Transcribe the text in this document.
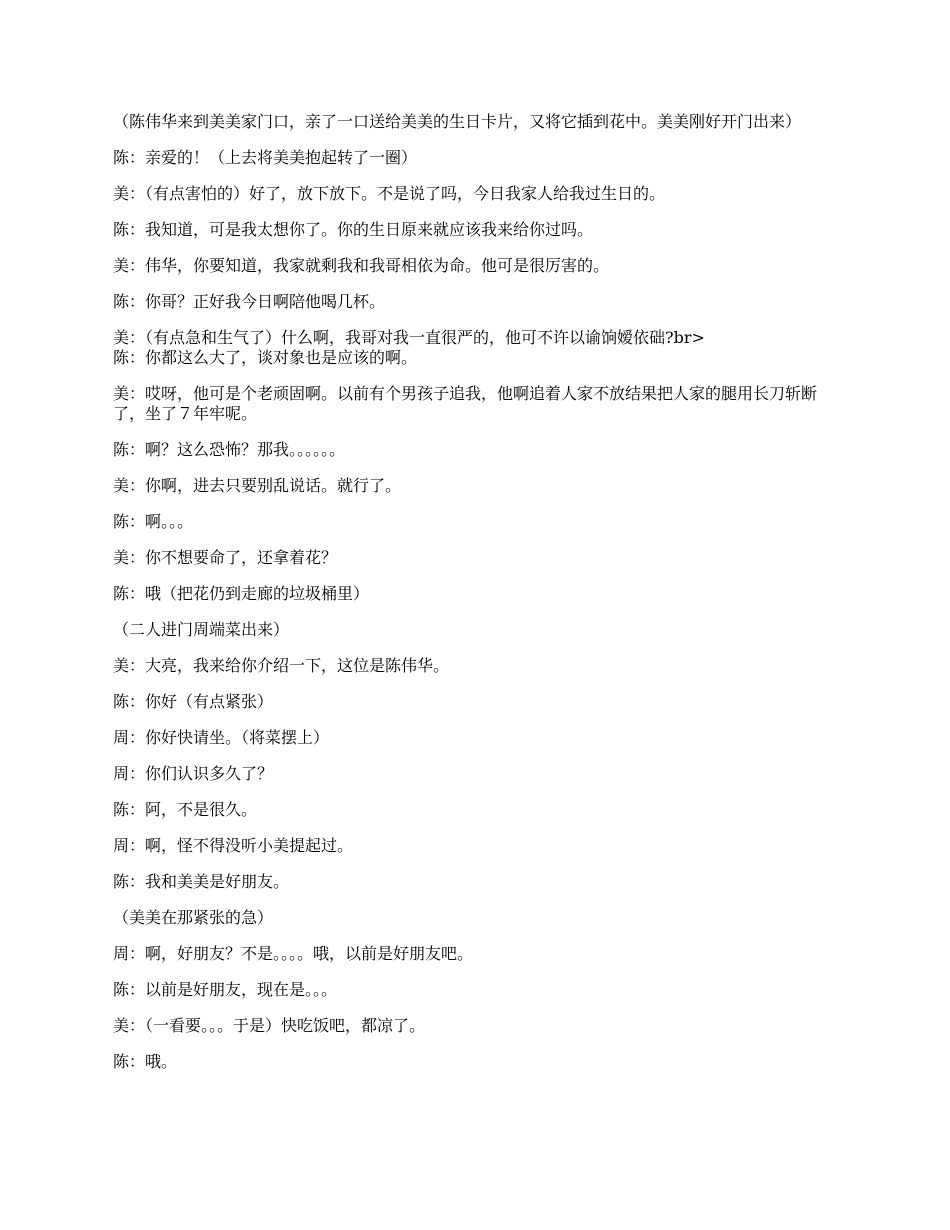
（陈伟华来到美美家门口，亲了一口送给美美的生日卡片，又将它插到花中。美美刚好开门出来）

陈：亲爱的！（上去将美美抱起转了一圈）

美：（有点害怕的）好了，放下放下。不是说了吗，今日我家人给我过生日的。

陈：我知道，可是我太想你了。你的生日原来就应该我来给你过吗。

美：伟华，你要知道，我家就剩我和我哥相依为命。他可是很厉害的。

陈：你哥？正好我今日啊陪他喝几杯。

美：（有点急和生气了）什么啊，我哥对我一直很严的，他可不许以谕饷嫒依础?br>

陈：你都这么大了，谈对象也是应该的啊。

美：哎呀，他可是个老顽固啊。以前有个男孩子追我，他啊追着人家不放结果把人家的腿用长刀斩断了，坐了７年牢呢。

陈：啊？这么恐怖？那我。。。。。。

美：你啊，进去只要别乱说话。就行了。

陈：啊。。。

美：你不想要命了，还拿着花？

陈：哦（把花仍到走廊的垃圾桶里）

（二人进门周端菜出来）

美：大亮，我来给你介绍一下，这位是陈伟华。

陈：你好（有点紧张）

周：你好快请坐。（将菜摆上）

周：你们认识多久了？

陈：阿，不是很久。

周：啊，怪不得没听小美提起过。

陈：我和美美是好朋友。

（美美在那紧张的急）

周：啊，好朋友？不是。。。。哦，以前是好朋友吧。

陈：以前是好朋友，现在是。。。

美：（一看要。。。于是）快吃饭吧，都凉了。

陈：哦。
